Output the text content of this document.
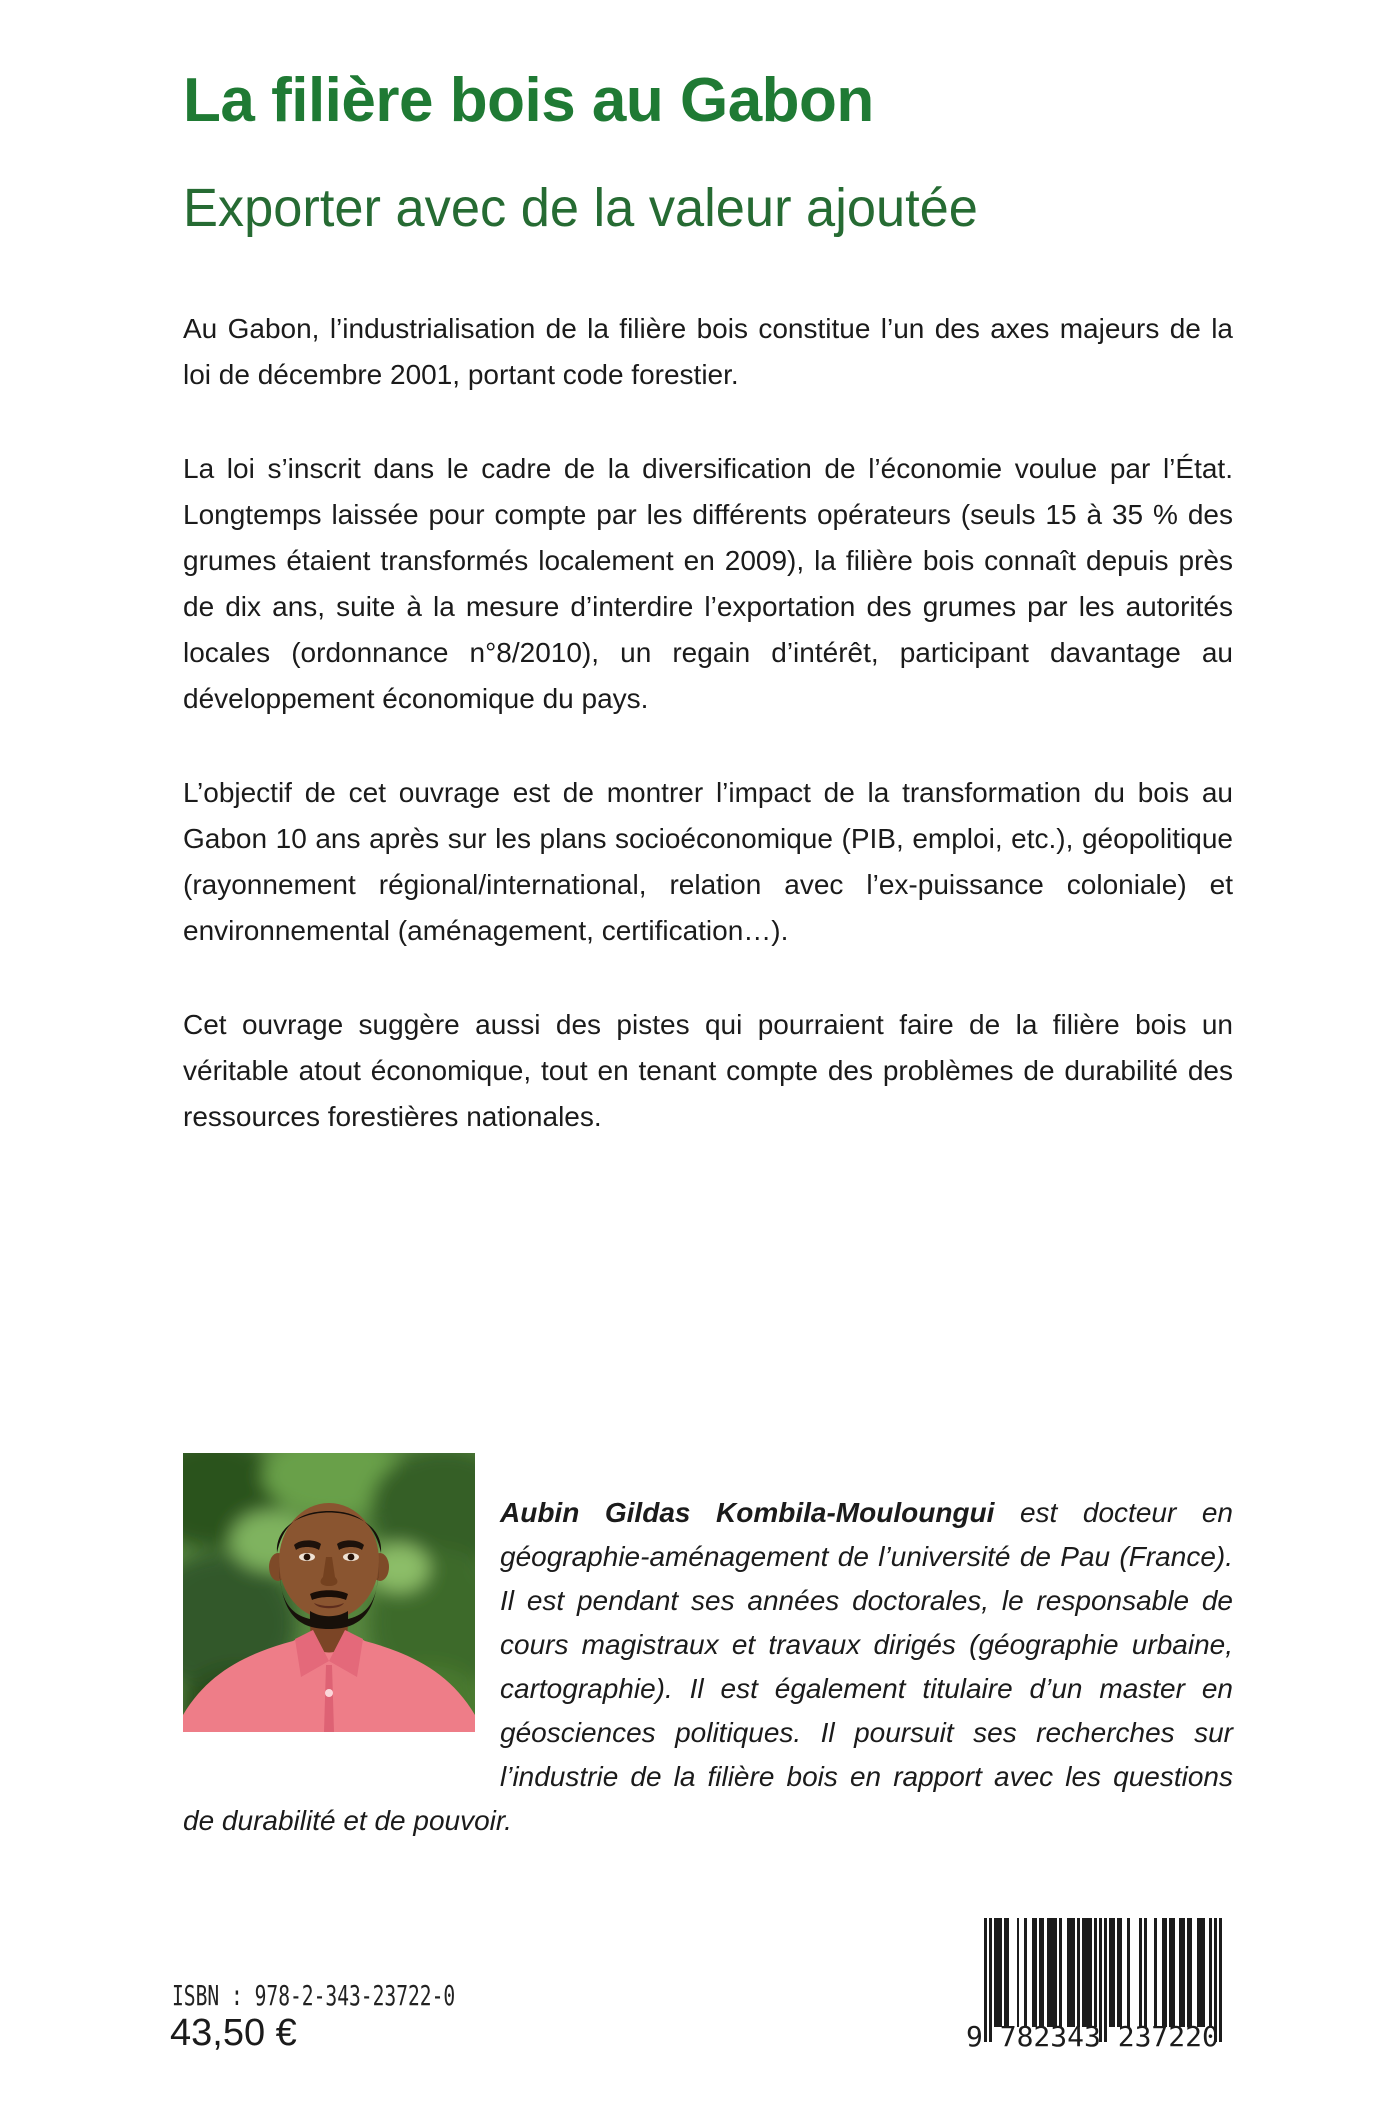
La filière bois au Gabon
Exporter avec de la valeur ajoutée

Au Gabon, l’industrialisation de la filière bois constitue l’un des axes majeurs de la loi de décembre 2001, portant code forestier.

La loi s’inscrit dans le cadre de la diversification de l’économie voulue par l’État. Longtemps laissée pour compte par les différents opérateurs (seuls 15 à 35 % des grumes étaient transformés localement en 2009), la filière bois connaît depuis près de dix ans, suite à la mesure d’interdire l’exportation des grumes par les autorités locales (ordonnance n°8/2010), un regain d’intérêt, participant davantage au développement économique du pays.

L’objectif de cet ouvrage est de montrer l’impact de la transformation du bois au Gabon 10 ans après sur les plans socioéconomique (PIB, emploi, etc.), géopolitique (rayonnement régional/international, relation avec l’ex-puissance coloniale) et environnemental (aménagement, certification…).

Cet ouvrage suggère aussi des pistes qui pourraient faire de la filière bois un véritable atout économique, tout en tenant compte des problèmes de durabilité des ressources forestières nationales.

Aubin Gildas Kombila-Mouloungui est docteur en géographie-aménagement de l’université de Pau (France). Il est pendant ses années doctorales, le responsable de cours magistraux et travaux dirigés (géographie urbaine, cartographie). Il est également titulaire d’un master en géosciences politiques. Il poursuit ses recherches sur l’industrie de la filière bois en rapport avec les questions de durabilité et de pouvoir.

ISBN : 978-2-343-23722-0
43,50 €	9 782343 237220
